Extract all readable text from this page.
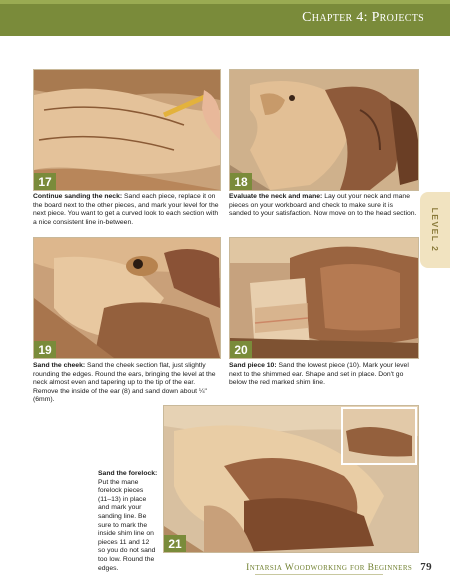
Chapter 4: Projects
17	18
Continue sanding the neck: Sand each piece, replace it on the board next to the other pieces, and mark your level for the next piece. You want to get a curved look to each section with a nice consistent line in-between.
Evaluate the neck and mane: Lay out your neck and mane pieces on your workboard and check to make sure it is sanded to your satisfaction. Now move on to the head section. LEVEL 2
19	20
Sand the cheek: Sand the cheek section flat, just slightly rounding the edges. Round the ears, bringing the level at the neck almost even and tapering up to the tip of the ear. Remove the inside of the ear (8) and sand down about ¼" (6mm).
Sand piece 10: Sand the lowest piece (10). Mark your level next to the shimmed ear. Shape and set in place. Don't go below the red marked shim line.
Sand the forelock: Put the mane forelock pieces (11–13) in place and mark your sanding line. Be sure to mark the inside shim line on pieces 11 and 12 so you do not sand too low. Round the edges.
21
Intarsia Woodworking for Beginners 79
